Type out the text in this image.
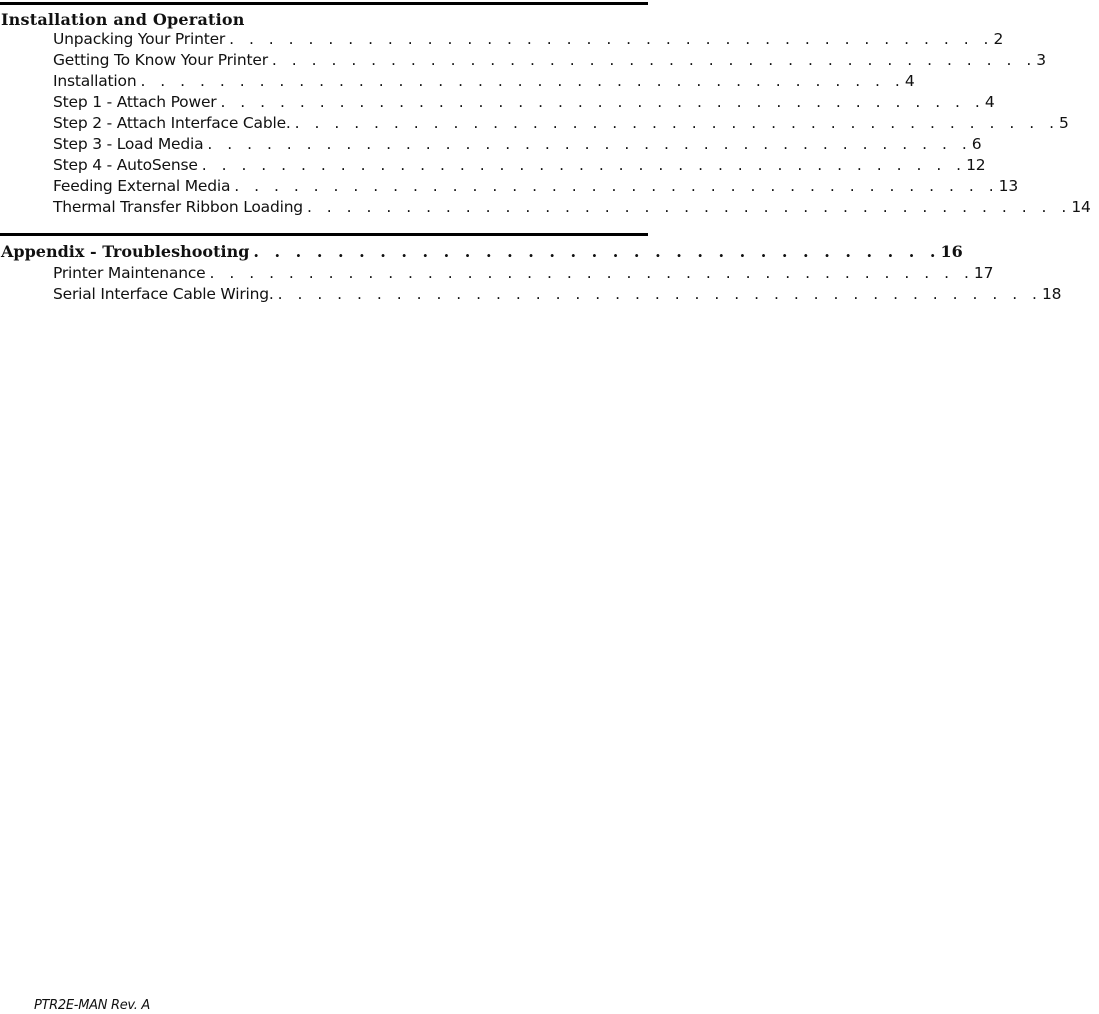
Installation and Operation
Unpacking Your Printer . . . . . . . . . . . . . . . . . . . . . . . . . . . . . . . . . . . . . . . 2
Getting To Know Your Printer . . . . . . . . . . . . . . . . . . . . . . . . . . . . . . . . . . . . . . . 3
Installation . . . . . . . . . . . . . . . . . . . . . . . . . . . . . . . . . . . . . . . 4
Step 1 - Attach Power . . . . . . . . . . . . . . . . . . . . . . . . . . . . . . . . . . . . . . . 4
Step 2 - Attach Interface Cable. . . . . . . . . . . . . . . . . . . . . . . . . . . . . . . . . . . . . . . . 5
Step 3 - Load Media . . . . . . . . . . . . . . . . . . . . . . . . . . . . . . . . . . . . . . . 6
Step 4 - AutoSense . . . . . . . . . . . . . . . . . . . . . . . . . . . . . . . . . . . . . . . 12
Feeding External Media . . . . . . . . . . . . . . . . . . . . . . . . . . . . . . . . . . . . . . . 13
Thermal Transfer Ribbon Loading . . . . . . . . . . . . . . . . . . . . . . . . . . . . . . . . . . . . . . . 14
Appendix - Troubleshooting . . . . . . . . . . . . . . . . . . . . . . . . . . . . . . . . . 16
Printer Maintenance . . . . . . . . . . . . . . . . . . . . . . . . . . . . . . . . . . . . . . . 17
Serial Interface Cable Wiring. . . . . . . . . . . . . . . . . . . . . . . . . . . . . . . . . . . . . . . . 18
PTR2E-MAN Rev. A
